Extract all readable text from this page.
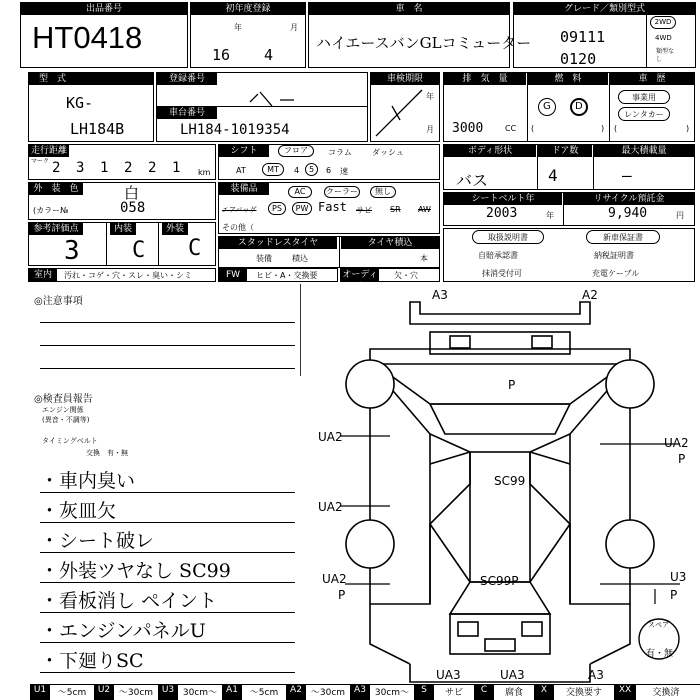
出品番号
HT0418
初年度登録
年	月
16 4
車　名
ハイエースバンGLコミューター
グレード／類別型式
09111
0120
2WD
4WD
類型なし
型　式
KG-
LH184B
登録番号
車台番号
LH184-1019354
車検期限
年
月
排　気　量	燃　料	車　歴
3000	CC (	)
G D
事業用
レンタカー
(	)
走行距離
マーク 2 3 1 2 2 1 km
シフト	フロア	コラム	ダッシュ
AT	MT	4	5	6 速
ボディ形状	ドア数	最大積載量
バス	4	—
外　装　色	白
(カラー№	058
装備品	AC	クーラー	無し
エアバッグ	PS	PW Fast サビ SR AW
その他（
シートベルト年	リサイクル預託金
2003	年	9,940	円
参考評価点	内装	外装
3 C C	スタッドレスタイヤ	タイヤ積込
装備	積込	本
取扱説明書	新車保証書
自賠承認書	納税証明書
抹消受付可	充電ケーブル
室内	汚れ・コゲ・穴・スレ・臭い・シミ	FW	ヒビ・A・交換要	オーディオ
欠・穴
◎注意事項
◎検査員報告
エンジン関係
(異音・不調等)
タイミングベルト
交換　有・無
・車内臭い
・灰皿欠
・シート破レ
・外装ツヤなし SC99
・看板消し ペイント
・エンジンパネルU
・下廻りSC
A3	A2
P
UA2
UA2
UA2
UA2
SC99
SC99P	U3
UA3	UA3	A3
P	P
P
スペア
有・無
U1	～5cm	U2 ～30cm U3 30cm～ A1	～5cm	A2 ～30cm A3 30cm～	S	サビ	C	腐食	X	交換要す	XX	交換済
